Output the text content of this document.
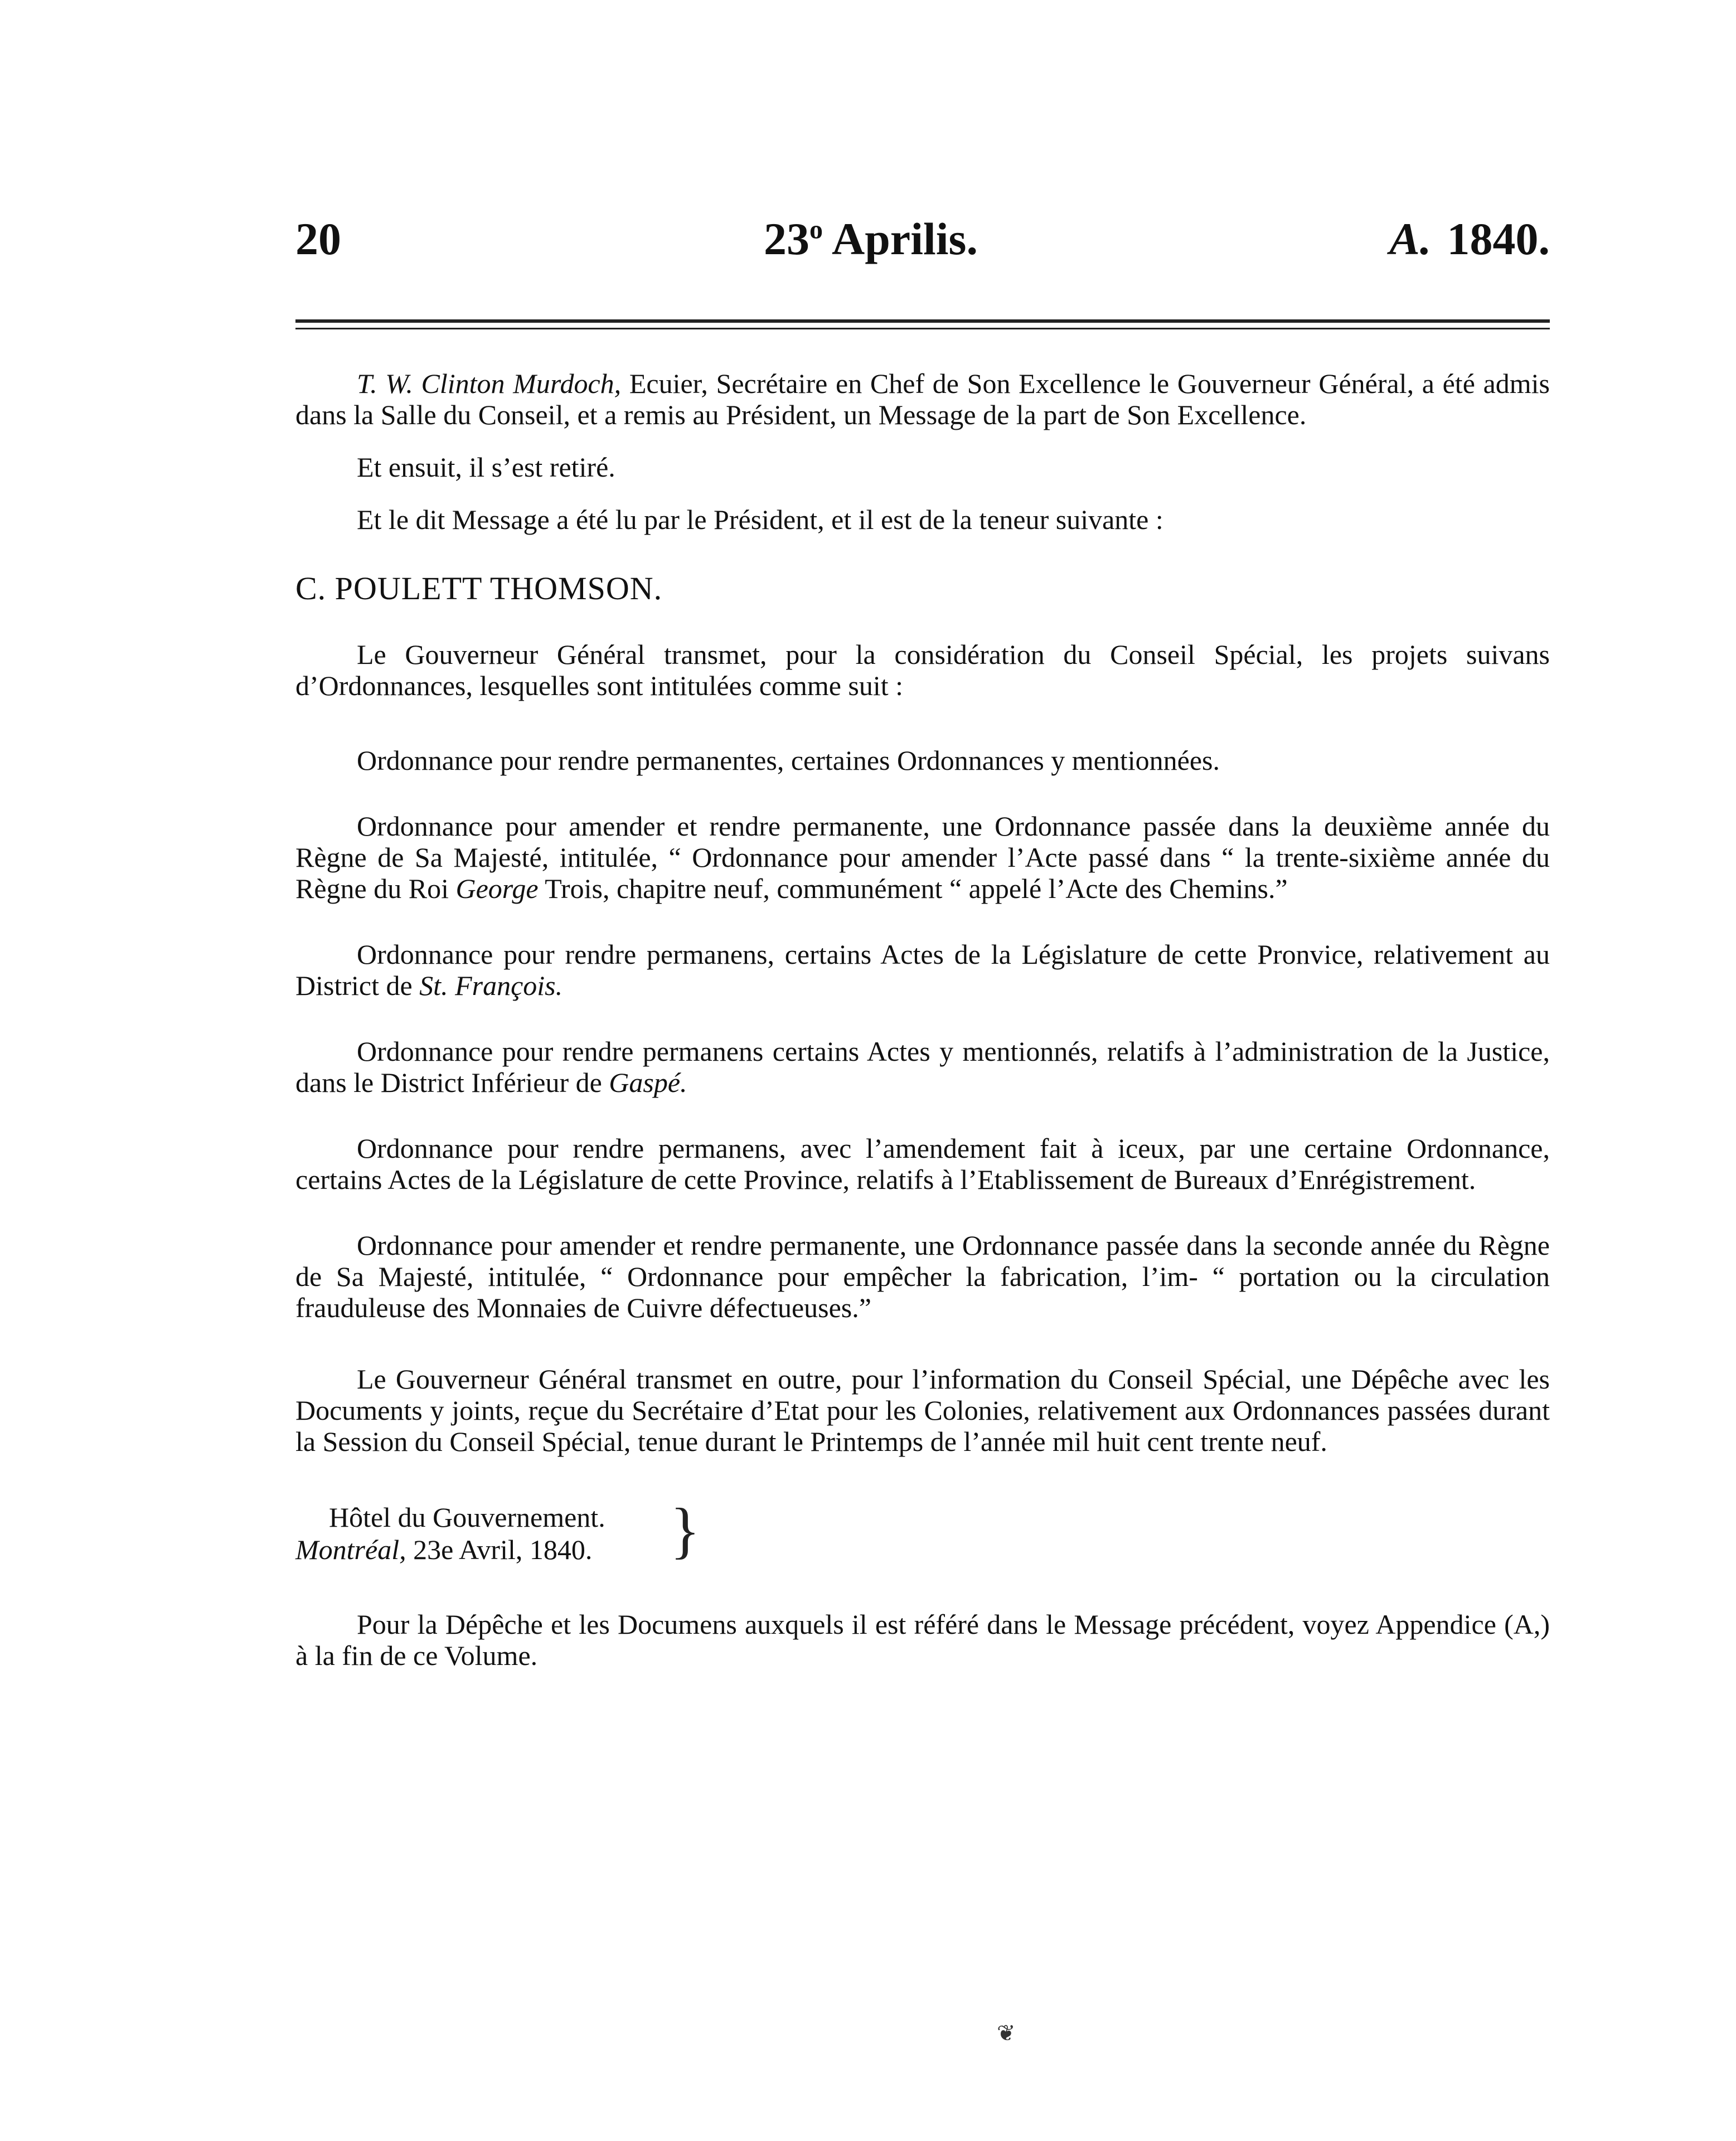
20	23$^o$ Aprilis.	A. 1840.

T. W. Clinton Murdoch, Ecuier, Secrétaire en Chef de Son Excellence le Gouverneur Général, a été admis dans la Salle du Conseil, et a remis au Président, un Message de la part de Son Excellence.

Et ensuit, il s’est retiré.

Et le dit Message a été lu par le Président, et il est de la teneur suivante :

C. POULETT THOMSON.

Le Gouverneur Général transmet, pour la considération du Conseil Spécial, les projets suivans d’Ordonnances, lesquelles sont intitulées comme suit :

Ordonnance pour rendre permanentes, certaines Ordonnances y mentionnées.

Ordonnance pour amender et rendre permanente, une Ordonnance passée dans la deuxième année du Règne de Sa Majesté, intitulée, “ Ordonnance pour amender l’Acte passé dans “ la trente-sixième année du Règne du Roi George Trois, chapitre neuf, communément “ appelé l’Acte des Chemins.”

Ordonnance pour rendre permanens, certains Actes de la Législature de cette Pronvice, relativement au District de St. François.

Ordonnance pour rendre permanens certains Actes y mentionnés, relatifs à l’administration de la Justice, dans le District Inférieur de Gaspé.

Ordonnance pour rendre permanens, avec l’amendement fait à iceux, par une certaine Ordonnance, certains Actes de la Législature de cette Province, relatifs à l’Etablissement de Bureaux d’Enrégistrement.

Ordonnance pour amender et rendre permanente, une Ordonnance passée dans la seconde année du Règne de Sa Majesté, intitulée, “ Ordonnance pour empêcher la fabrication, l’im- “ portation ou la circulation frauduleuse des Monnaies de Cuivre défectueuses.”

Le Gouverneur Général transmet en outre, pour l’information du Conseil Spécial, une Dépêche avec les Documents y joints, reçue du Secrétaire d’Etat pour les Colonies, relativement aux Ordonnances passées durant la Session du Conseil Spécial, tenue durant le Printemps de l’année mil huit cent trente neuf.

Hôtel du Gouvernement.
Montréal, 23e Avril, 1840. }

Pour la Dépêche et les Documens auxquels il est référé dans le Message précédent, voyez Appendice (A,) à la fin de ce Volume.

❦
